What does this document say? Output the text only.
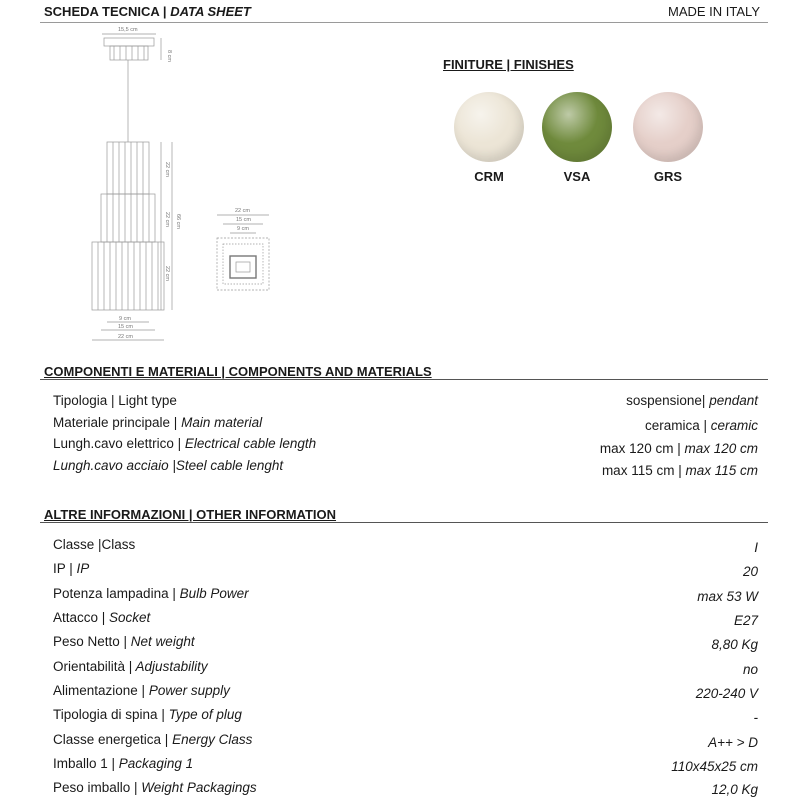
SCHEDA TECNICA | DATA SHEET	MADE IN ITALY
15,5 cm
8 cm
22 cm
22 cm 66 cm
22 cm
9 cm
15 cm
22 cm
22 cm
15 cm
9 cm
FINITURE | FINISHES
CRM	VSA	GRS
COMPONENTI E MATERIALI | COMPONENTS AND MATERIALS
Tipologia | Light type	sospensione| pendant
Materiale principale | Main material	ceramica | ceramic
Lungh.cavo elettrico | Electrical cable length	max 120 cm | max 120 cm
Lungh.cavo acciaio |Steel cable lenght	max 115 cm | max 115 cm
ALTRE INFORMAZIONI | OTHER INFORMATION
Classe |Class	I
IP | IP	20
Potenza lampadina | Bulb Power	max 53 W
Attacco | Socket	E27
Peso Netto | Net weight	8,80 Kg
Orientabilità | Adjustability	no
Alimentazione | Power supply	220-240 V
Tipologia di spina | Type of plug	-
Classe energetica | Energy Class	A++ > D
Imballo 1 | Packaging 1	110x45x25 cm
Peso imballo | Weight Packagings	12,0 Kg
